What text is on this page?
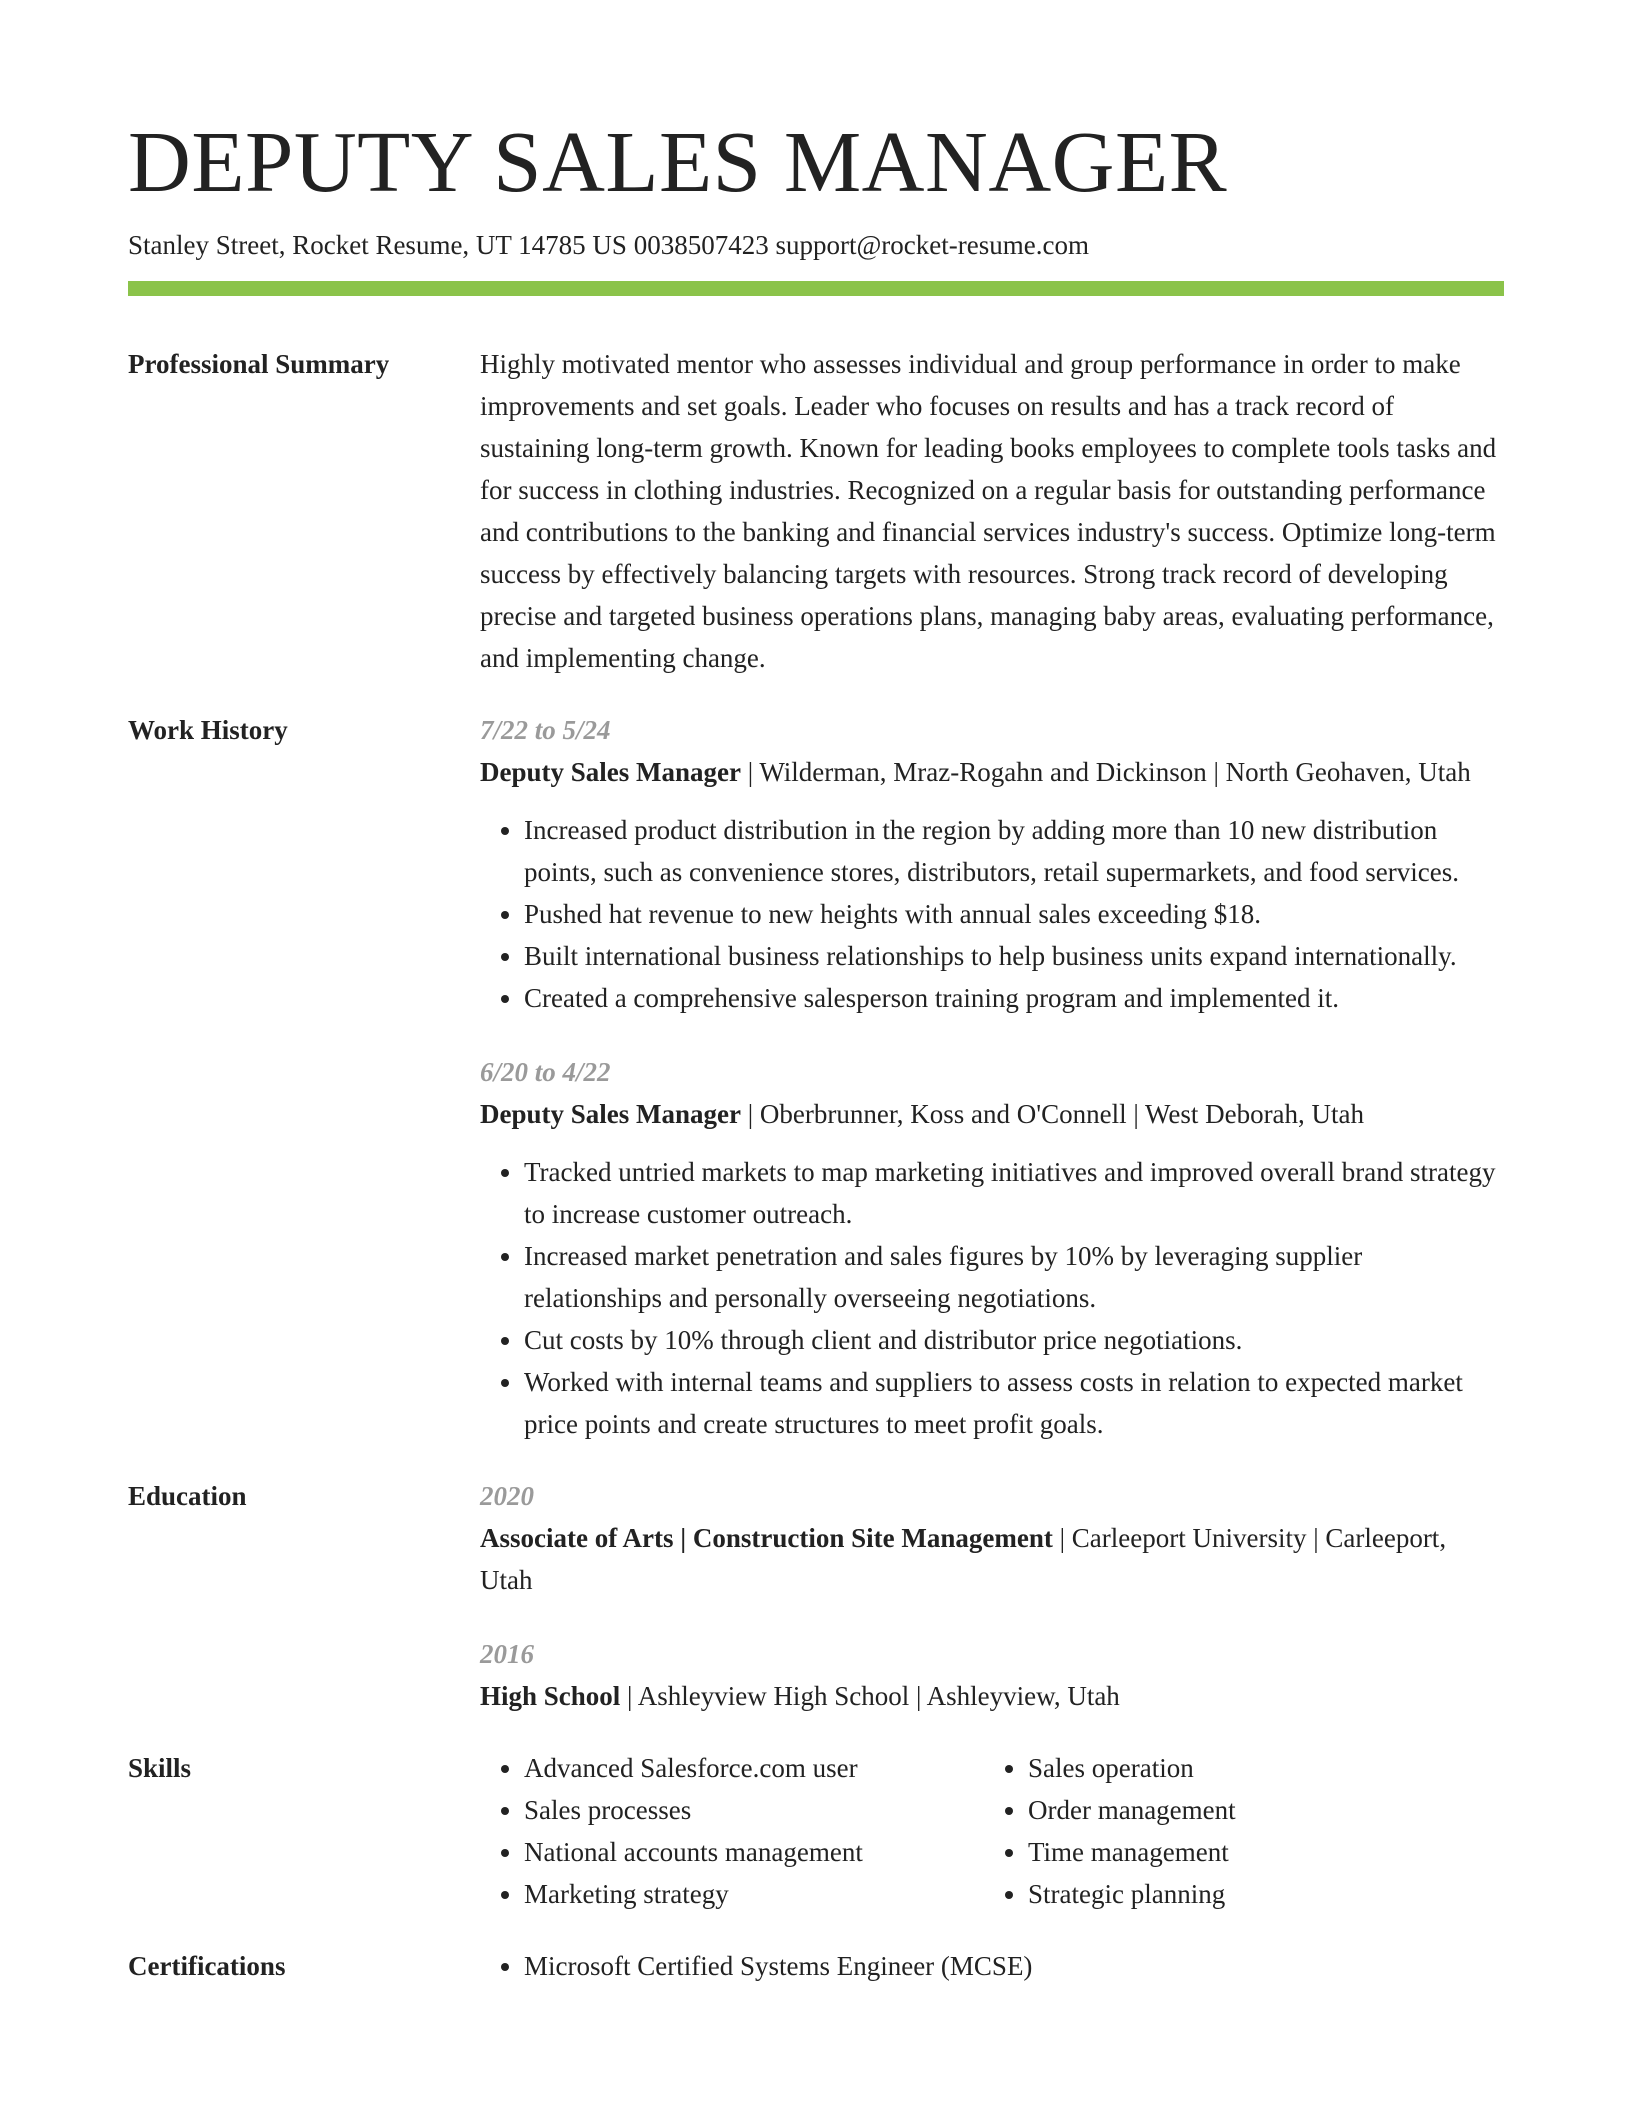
DEPUTY SALES MANAGER
Stanley Street, Rocket Resume, UT 14785 US 0038507423 support@rocket-resume.com
Professional Summary	Highly motivated mentor who assesses individual and group performance in order to make improvements and set goals. Leader who focuses on results and has a track record of sustaining long-term growth. Known for leading books employees to complete tools tasks and for success in clothing industries. Recognized on a regular basis for outstanding performance and contributions to the banking and financial services industry's success. Optimize long-term success by effectively balancing targets with resources. Strong track record of developing precise and targeted business operations plans, managing baby areas, evaluating performance, and implementing change.

Work History	7/22 to 5/24
Deputy Sales Manager | Wilderman, Mraz-Rogahn and Dickinson | North Geohaven, Utah
• Increased product distribution in the region by adding more than 10 new distribution points, such as convenience stores, distributors, retail supermarkets, and food services.
• Pushed hat revenue to new heights with annual sales exceeding $18.
• Built international business relationships to help business units expand internationally.
• Created a comprehensive salesperson training program and implemented it.
6/20 to 4/22
Deputy Sales Manager | Oberbrunner, Koss and O'Connell | West Deborah, Utah
• Tracked untried markets to map marketing initiatives and improved overall brand strategy to increase customer outreach.
• Increased market penetration and sales figures by 10% by leveraging supplier relationships and personally overseeing negotiations.
• Cut costs by 10% through client and distributor price negotiations.
• Worked with internal teams and suppliers to assess costs in relation to expected market price points and create structures to meet profit goals.
Education	2020
Associate of Arts | Construction Site Management | Carleeport University | Carleeport, Utah
2016
High School | Ashleyview High School | Ashleyview, Utah
Skills	• Advanced Salesforce.com user
• Sales processes
• National accounts management
• Marketing strategy
• Sales operation
• Order management
• Time management
• Strategic planning
Certifications	• Microsoft Certified Systems Engineer (MCSE)
